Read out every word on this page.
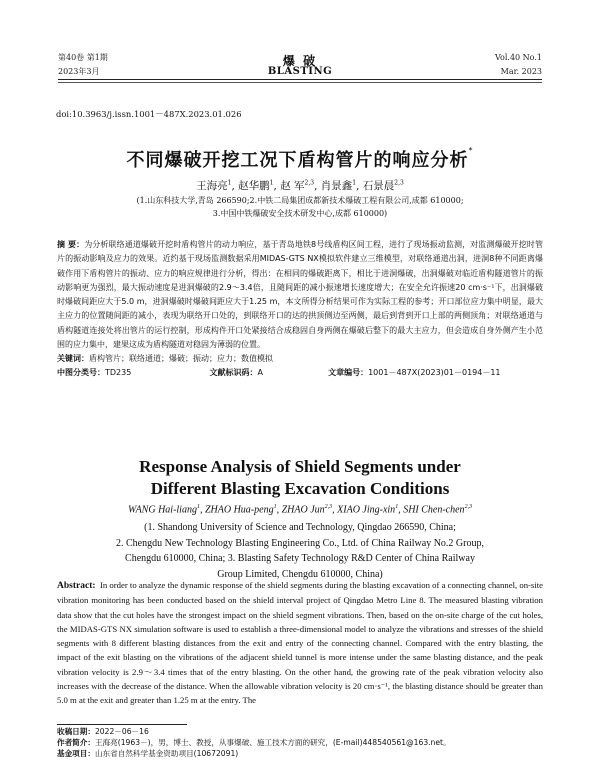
第40卷 第1期
2023年3月
爆 破
BLASTING
Vol.40 No.1
Mar. 2023
doi:10.3963/j.issn.1001－487X.2023.01.026
不同爆破开挖工况下盾构管片的响应分析*
王海亮$^1$, 赵华鹏$^1$, 赵 军$^{2,3}$, 肖景鑫$^1$, 石景晨$^{2,3}$
(1.山东科技大学,青岛 266590;2.中铁二局集团成都新技术爆破工程有限公司,成都 610000;
3.中国中铁爆破安全技术研发中心,成都 610000)
摘 要：为分析联络通道爆破开挖时盾构管片的动力响应，基于青岛地铁8号线盾构区间工程，进行了现场振动监测，对监测爆破开挖时管片的振动影响及应力的效果。近约基于现场监测数据采用MIDAS-GTS NX模拟软件建立三维模型，对联络通道出洞，进洞8种不同距离爆破作用下盾构管片的振动、应力的响应规律进行分析，得出：在相同的爆破距离下，相比于进洞爆破，出洞爆破对临近盾构隧道管片的振动影响更为强烈，最大振动速度是进洞爆破的2.9～3.4倍，且随间距的减小振速增长速度增大；在安全允许振速20 cm·s⁻¹下，出洞爆破时爆破间距应大于5.0 m，进洞爆破时爆破间距应大于1.25 m，本文所得分析结果可作为实际工程的参考；开口部位应力集中明显，最大主应力的位置随间距的减小，表现为联络开口处的，到联络开口的达的拱顶侧边至两侧，最后到背到开口上部的两侧顶角；对联络通道与盾构隧道连接处将出管片的运行控制，形成构件开口处紧接结合成稳固自身两侧在爆破后整下的最大主应力，但会造成自身外侧产生小范围的应力集中，建果这成为盾构隧道对稳固为薄弱的位置。
关键词：盾构管片；联络通道；爆破；振动；应力；数值模拟
中图分类号：TD235	文献标识码：A	文章编号：1001－487X(2023)01－0194－11
Response Analysis of Shield Segments under
Different Blasting Excavation Conditions
WANG Hai-liang$^1$, ZHAO Hua-peng$^1$, ZHAO Jun$^{2,3}$, XIAO Jing-xin$^1$, SHI Chen-chen$^{2,3}$
(1. Shandong University of Science and Technology, Qingdao 266590, China;
2. Chengdu New Technology Blasting Engineering Co., Ltd. of China Railway No.2 Group,
Chengdu 610000, China; 3. Blasting Safety Technology R&D Center of China Railway
Group Limited, Chengdu 610000, China)
Abstract: In order to analyze the dynamic response of the shield segments during the blasting excavation of a connecting channel, on-site vibration monitoring has been conducted based on the shield interval project of Qingdao Metro Line 8. The measured blasting vibration data show that the cut holes have the strongest impact on the shield segment vibrations. Then, based on the on-site charge of the cut holes, the MIDAS-GTS NX simulation software is used to establish a three-dimensional model to analyze the vibrations and stresses of the shield segments with 8 different blasting distances from the exit and entry of the connecting channel. Compared with the entry blasting, the impact of the exit blasting on the vibrations of the adjacent shield tunnel is more intense under the same blasting distance, and the peak vibration velocity is 2.9～3.4 times that of the entry blasting. On the other hand, the growing rate of the peak vibration velocity also increases with the decrease of the distance. When the allowable vibration velocity is 20 cm·s⁻¹, the blasting distance should be greater than 5.0 m at the exit and greater than 1.25 m at the entry. The
收稿日期：2022－06－16
作者简介：王海亮(1963－)，男，博士、教授，从事爆破、施工技术方面的研究，(E-mail)448540561@163.net。
基金项目：山东省自然科学基金资助项目(10672091)
